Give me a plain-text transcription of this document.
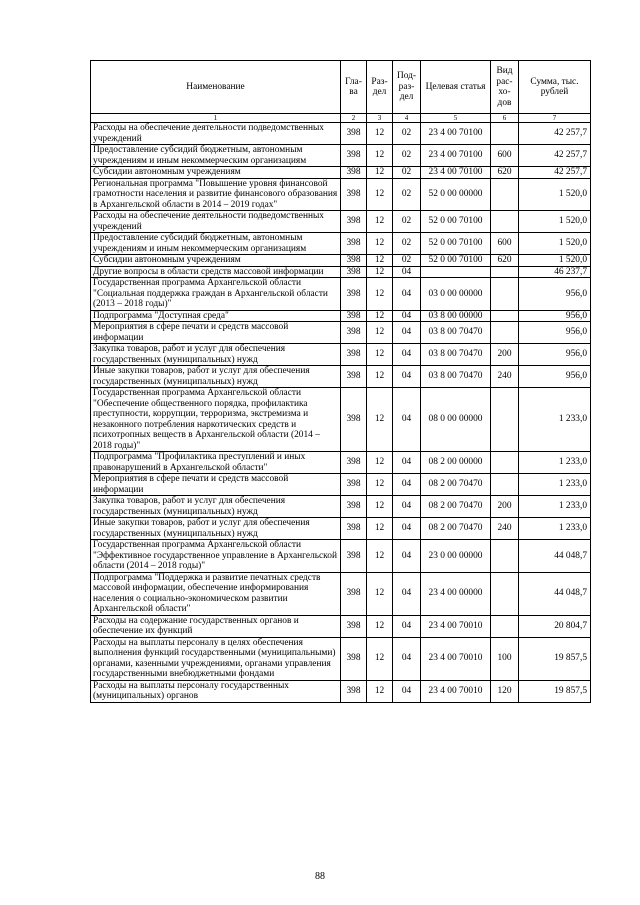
Наименование	Гла-ва	Раз-дел	Под-раз-дел	Целевая статья	Вид рас-хо-дов	Сумма, тыс. рублей
1	2	3	4	5	6	7
Расходы на обеспечение деятельности подведомственных учреждений	398	12	02	23 4 00 70100		42 257,7
Предоставление субсидий бюджетным, автономным учреждениям и иным некоммерческим организациям	398	12	02	23 4 00 70100	600	42 257,7
Субсидии автономным учреждениям	398	12	02	23 4 00 70100	620	42 257,7
Региональная программа "Повышение уровня финансовой грамотности населения и развитие финансового образования в Архангельской области в 2014 – 2019 годах"	398	12	02	52 0 00 00000		1 520,0
Расходы на обеспечение деятельности подведомственных учреждений	398	12	02	52 0 00 70100		1 520,0
Предоставление субсидий бюджетным, автономным учреждениям и иным некоммерческим организациям	398	12	02	52 0 00 70100	600	1 520,0
Субсидии автономным учреждениям	398	12	02	52 0 00 70100	620	1 520,0
Другие вопросы в области средств массовой информации	398	12	04			46 237,7
Государственная программа Архангельской области "Социальная поддержка граждан в Архангельской области (2013 – 2018 годы)"	398	12	04	03 0 00 00000		956,0
Подпрограмма "Доступная среда"	398	12	04	03 8 00 00000		956,0
Мероприятия в сфере печати и средств массовой информации	398	12	04	03 8 00 70470		956,0
Закупка товаров, работ и услуг для обеспечения государственных (муниципальных) нужд	398	12	04	03 8 00 70470	200	956,0
Иные закупки товаров, работ и услуг для обеспечения государственных (муниципальных) нужд	398	12	04	03 8 00 70470	240	956,0
Государственная программа Архангельской области "Обеспечение общественного порядка, профилактика преступности, коррупции, терроризма, экстремизма и незаконного потребления наркотических средств и психотропных веществ в Архангельской области (2014 – 2018 годы)"	398	12	04	08 0 00 00000		1 233,0
Подпрограмма "Профилактика преступлений и иных правонарушений в Архангельской области"	398	12	04	08 2 00 00000		1 233,0
Мероприятия в сфере печати и средств массовой информации	398	12	04	08 2 00 70470		1 233,0
Закупка товаров, работ и услуг для обеспечения государственных (муниципальных) нужд	398	12	04	08 2 00 70470	200	1 233,0
Иные закупки товаров, работ и услуг для обеспечения государственных (муниципальных) нужд	398	12	04	08 2 00 70470	240	1 233,0
Государственная программа Архангельской области "Эффективное государственное управление в Архангельской области (2014 – 2018 годы)"	398	12	04	23 0 00 00000		44 048,7
Подпрограмма "Поддержка и развитие печатных средств массовой информации, обеспечение информирования населения о социально-экономическом развитии Архангельской области"	398	12	04	23 4 00 00000		44 048,7
Расходы на содержание государственных органов и обеспечение их функций	398	12	04	23 4 00 70010		20 804,7
Расходы на выплаты персоналу в целях обеспечения выполнения функций государственными (муниципальными) органами, казенными учреждениями, органами управления государственными внебюджетными фондами	398	12	04	23 4 00 70010	100	19 857,5
Расходы на выплаты персоналу государственных (муниципальных) органов	398	12	04	23 4 00 70010	120	19 857,5
88
